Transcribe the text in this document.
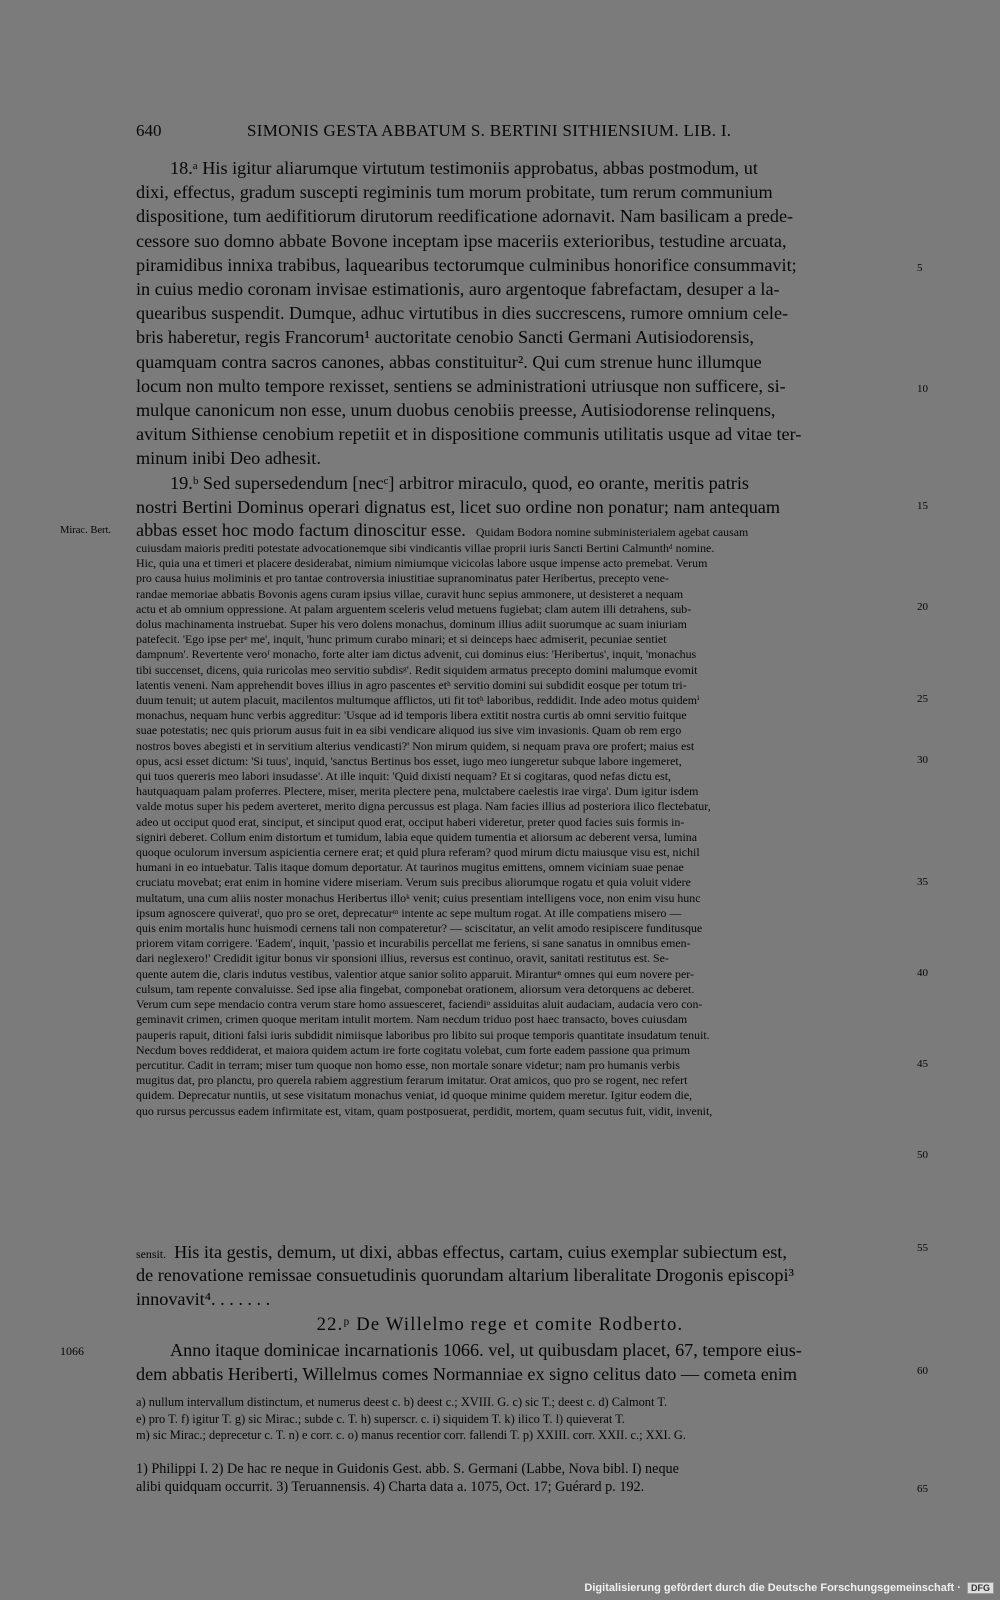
640	SIMONIS GESTA ABBATUM S. BERTINI SITHIENSIUM. LIB. I.
18.ᵃ His igitur aliarumque virtutum testimoniis approbatus, abbas postmodum, ut
dixi, effectus, gradum suscepti regiminis tum morum probitate, tum rerum communium
dispositione, tum aedifitiorum dirutorum reedificatione adornavit. Nam basilicam a prede-
cessore suo domno abbate Bovone inceptam ipse maceriis exterioribus, testudine arcuata,
piramidibus innixa trabibus, laquearibus tectorumque culminibus honorifice consummavit;
in cuius medio coronam invisae estimationis, auro argentoque fabrefactam, desuper a la-
quearibus suspendit. Dumque, adhuc virtutibus in dies succrescens, rumore omnium cele-
bris haberetur, regis Francorum¹ auctoritate cenobio Sancti Germani Autisiodorensis,
quamquam contra sacros canones, abbas constituitur². Qui cum strenue hunc illumque
locum non multo tempore rexisset, sentiens se administrationi utriusque non sufficere, si-
mulque canonicum non esse, unum duobus cenobiis preesse, Autisiodorense relinquens,
avitum Sithiense cenobium repetiit et in dispositione communis utilitatis usque ad vitae ter-
minum inibi Deo adhesit.
19.ᵇ Sed supersedendum [necᶜ] arbitror miraculo, quod, eo orante, meritis patris
nostri Bertini Dominus operari dignatus est, licet suo ordine non ponatur; nam antequam
abbas esset hoc modo factum dinoscitur esse. Quidam Bodora nomine subministerialem agebat causam
cuiusdam maioris prediti potestate advocationemque sibi vindicantis villae proprii iuris Sancti Bertini Calmunthᵈ nomine.
Hic, quia una et timeri et placere desiderabat, nimium nimiumque vicicolas labore usque impense acto premebat. Verum
pro causa huius moliminis et pro tantae controversia iniustitiae supranominatus pater Heribertus, precepto vene-
randae memoriae abbatis Bovonis agens curam ipsius villae, curavit hunc sepius ammonere, ut desisteret a nequam
actu et ab omnium oppressione. At palam arguentem sceleris velud metuens fugiebat; clam autem illi detrahens, sub-
dolus machinamenta instruebat. Super his vero dolens monachus, dominum illius adiit suorumque ac suam iniuriam
patefecit. 'Ego ipse perᵉ me', inquit, 'hunc primum curabo minari; et si deinceps haec admiserit, pecuniae sentiet
dampnum'. Revertente veroᶠ monacho, forte alter iam dictus advenit, cui dominus eius: 'Heribertus', inquit, 'monachus
tibi succenset, dicens, quia ruricolas meo servitio subdisᵍ'. Redit siquidem armatus precepto domini malumque evomit
latentis veneni. Nam apprehendit boves illius in agro pascentes etʰ servitio domini sui subdidit eosque per totum tri-
duum tenuit; ut autem placuit, macilentos multumque afflictos, uti fit totʰ laboribus, reddidit. Inde adeo motus quidemⁱ
monachus, nequam hunc verbis aggreditur: 'Usque ad id temporis libera extitit nostra curtis ab omni servitio fuitque
suae potestatis; nec quis priorum ausus fuit in ea sibi vendicare aliquod ius sive vim invasionis. Quam ob rem ergo
nostros boves abegisti et in servitium alterius vendicasti?' Non mirum quidem, si nequam prava ore profert; maius est
opus, acsi esset dictum: 'Si tuus', inquid, 'sanctus Bertinus bos esset, iugo meo iungeretur subque labore ingemeret,
qui tuos quereris meo labori insudasse'. At ille inquit: 'Quid dixisti nequam? Et si cogitaras, quod nefas dictu est,
hautquaquam palam proferres. Plectere, miser, merita plectere pena, mulctabere caelestis irae virga'. Dum igitur isdem
valde motus super his pedem averteret, merito digna percussus est plaga. Nam facies illius ad posteriora ilico flectebatur,
adeo ut occiput quod erat, sinciput, et sinciput quod erat, occiput haberi videretur, preter quod facies suis formis in-
signiri deberet. Collum enim distortum et tumidum, labia eque quidem tumentia et aliorsum ac deberent versa, lumina
quoque oculorum inversum aspicientia cernere erat; et quid plura referam? quod mirum dictu maiusque visu est, nichil
humani in eo intuebatur. Talis itaque domum deportatur. At taurinos mugitus emittens, omnem viciniam suae penae
cruciatu movebat; erat enim in homine videre miseriam. Verum suis precibus aliorumque rogatu et quia voluit videre
multatum, una cum aliis noster monachus Heribertus illoᵏ venit; cuius presentiam intelligens voce, non enim visu hunc
ipsum agnoscere quiveratˡ, quo pro se oret, deprecaturᵐ intente ac sepe multum rogat. At ille compatiens misero —
quis enim mortalis hunc huismodi cernens tali non compateretur? — sciscitatur, an velit amodo resipiscere funditusque
priorem vitam corrigere. 'Eadem', inquit, 'passio et incurabilis percellat me feriens, si sane sanatus in omnibus emen-
dari neglexero!' Credidit igitur bonus vir sponsioni illius, reversus est continuo, oravit, sanitati restitutus est. Se-
quente autem die, claris indutus vestibus, valentior atque sanior solito apparuit. Miranturⁿ omnes qui eum novere per-
culsum, tam repente convaluisse. Sed ipse alia fingebat, componebat orationem, aliorsum vera detorquens ac deberet.
Verum cum sepe mendacio contra verum stare homo assuesceret, faciendiᵒ assiduitas aluit audaciam, audacia vero con-
geminavit crimen, crimen quoque meritam intulit mortem. Nam necdum triduo post haec transacto, boves cuiusdam
pauperis rapuit, ditioni falsi iuris subdidit nimiisque laboribus pro libito sui proque temporis quantitate insudatum tenuit.
Necdum boves reddiderat, et maiora quidem actum ire forte cogitatu volebat, cum forte eadem passione qua primum
percutitur. Cadit in terram; miser tum quoque non homo esse, non mortale sonare videtur; nam pro humanis verbis
mugitus dat, pro planctu, pro querela rabiem aggrestium ferarum imitatur. Orat amicos, quo pro se rogent, nec refert
quidem. Deprecatur nuntiis, ut sese visitatum monachus veniat, id quoque minime quidem meretur. Igitur eodem die,
quo rursus percussus eadem infirmitate est, vitam, quam postposuerat, perdidit, mortem, quam secutus fuit, vidit, invenit,
sensit. His ita gestis, demum, ut dixi, abbas effectus, cartam, cuius exemplar subiectum est,
de renovatione remissae consuetudinis quorundam altarium liberalitate Drogonis episcopi³
innovavit⁴. . . . . . .
22.ᵖ De Willelmo rege et comite Rodberto.
Anno itaque dominicae incarnationis 1066. vel, ut quibusdam placet, 67, tempore eius-
dem abbatis Heriberti, Willelmus comes Normanniae ex signo celitus dato — cometa enim
Mirac. Bert.
1066
5
10
15
20
25
30
35
40
45
50
55
60
a) nullum intervallum distinctum, et numerus deest c. b) deest c.; XVIII. G. c) sic T.; deest c. d) Calmont T.
e) pro T. f) igitur T. g) sic Mirac.; subde c. T. h) superscr. c. i) siquidem T. k) ilico T. l) quieverat T.
m) sic Mirac.; deprecetur c. T. n) e corr. c. o) manus recentior corr. fallendi T. p) XXIII. corr. XXII. c.; XXI. G.
1) Philippi I. 2) De hac re neque in Guidonis Gest. abb. S. Germani (Labbe, Nova bibl. I) neque
alibi quidquam occurrit. 3) Teruannensis. 4) Charta data a. 1075, Oct. 17; Guérard p. 192.	65
Digitalisierung gefördert durch die Deutsche Forschungsgemeinschaft · DFG
